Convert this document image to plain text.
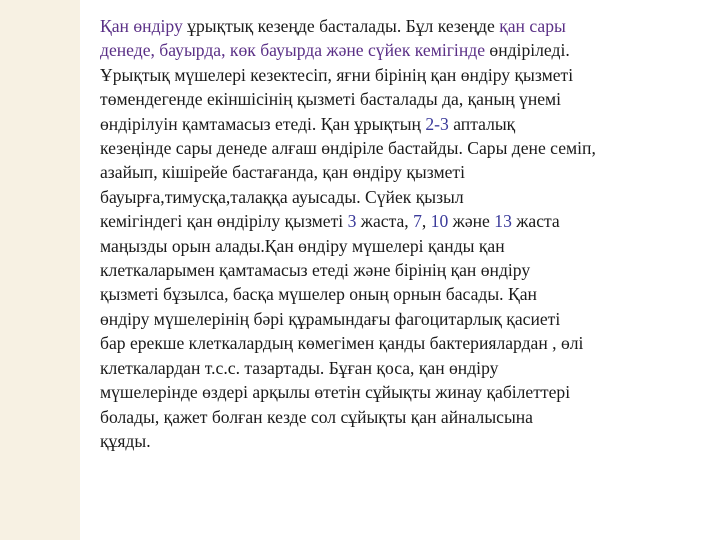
Қан өндіру ұрықтық кезеңде басталады. Бұл кезеңде қан сары
денеде, бауырда, көк бауырда және сүйек кемігінде өндіріледі.
Ұрықтық мүшелері кезектесіп, яғни бірінің қан өндіру қызметі
төмендегенде екіншісінің қызметі басталады да, қаның үнемі
өндірілуін қамтамасыз етеді. Қан ұрықтың 2-3 апталық
кезеңінде сары денеде алғаш өндіріле бастайды. Сары дене семіп,
азайып, кішірейе бастағанда, қан өндіру қызметі
бауырға,тимусқа,талаққа ауысады. Сүйек қызыл
кемігіндегі қан өндірілу қызметі 3 жаста, 7, 10 және 13 жаста
маңызды орын алады.Қан өндіру мүшелері қанды қан
клеткаларымен қамтамасыз етеді және бірінің қан өндіру
қызметі бұзылса, басқа мүшелер оның орнын басады. Қан
өндіру мүшелерінің бәрі құрамындағы фагоцитарлық қасиеті
бар ерекше клеткалардың көмегімен қанды бактериялардан , өлі
клеткалардан т.с.с. тазартады. Бұған қоса, қан өндіру
мүшелерінде өздері арқылы өтетін сұйықты жинау қабілеттері
болады, қажет болған кезде сол сұйықты қан айналысына
құяды.
